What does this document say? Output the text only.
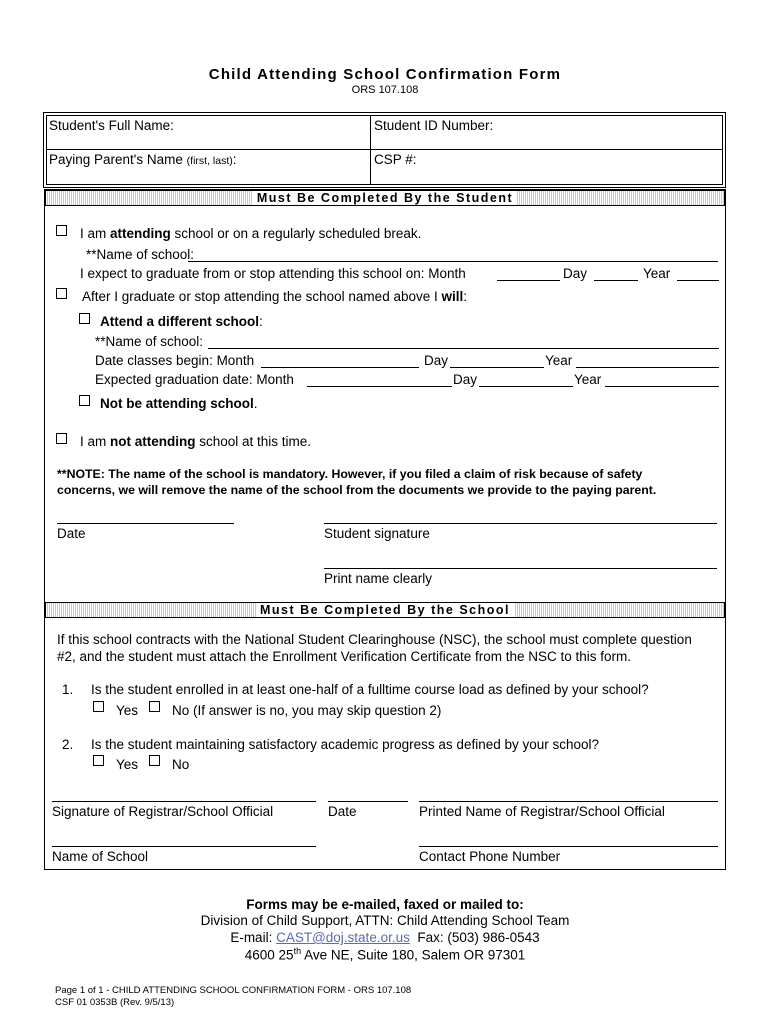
Child Attending School Confirmation Form
ORS 107.108
Student's Full Name:	Student ID Number:
Paying Parent's Name (first, last):	CSP #:
Must Be Completed By the Student
I am attending school or on a regularly scheduled break.
**Name of school:
I expect to graduate from or stop attending this school on: Month	Day	Year
After I graduate or stop attending the school named above I will:
Attend a different school:
**Name of school:
Date classes begin: Month	Day	Year
Expected graduation date: Month	Day	Year
Not be attending school.
I am not attending school at this time.
**NOTE: The name of the school is mandatory. However, if you filed a claim of risk because of safety
concerns, we will remove the name of the school from the documents we provide to the paying parent.
Date	Student signature
Print name clearly
Must Be Completed By the School
If this school contracts with the National Student Clearinghouse (NSC), the school must complete question
#2, and the student must attach the Enrollment Verification Certificate from the NSC to this form.
1. Is the student enrolled in at least one-half of a fulltime course load as defined by your school?
Yes	No (If answer is no, you may skip question 2)
2. Is the student maintaining satisfactory academic progress as defined by your school?
Yes	No
Signature of Registrar/School Official	Date	Printed Name of Registrar/School Official
Name of School	Contact Phone Number
Forms may be e-mailed, faxed or mailed to:
Division of Child Support, ATTN: Child Attending School Team
E-mail: CAST@doj.state.or.us  Fax: (503) 986-0543
4600 25th Ave NE, Suite 180, Salem OR 97301
Page 1 of 1 - CHILD ATTENDING SCHOOL CONFIRMATION FORM - ORS 107.108
CSF 01 0353B (Rev. 9/5/13)
